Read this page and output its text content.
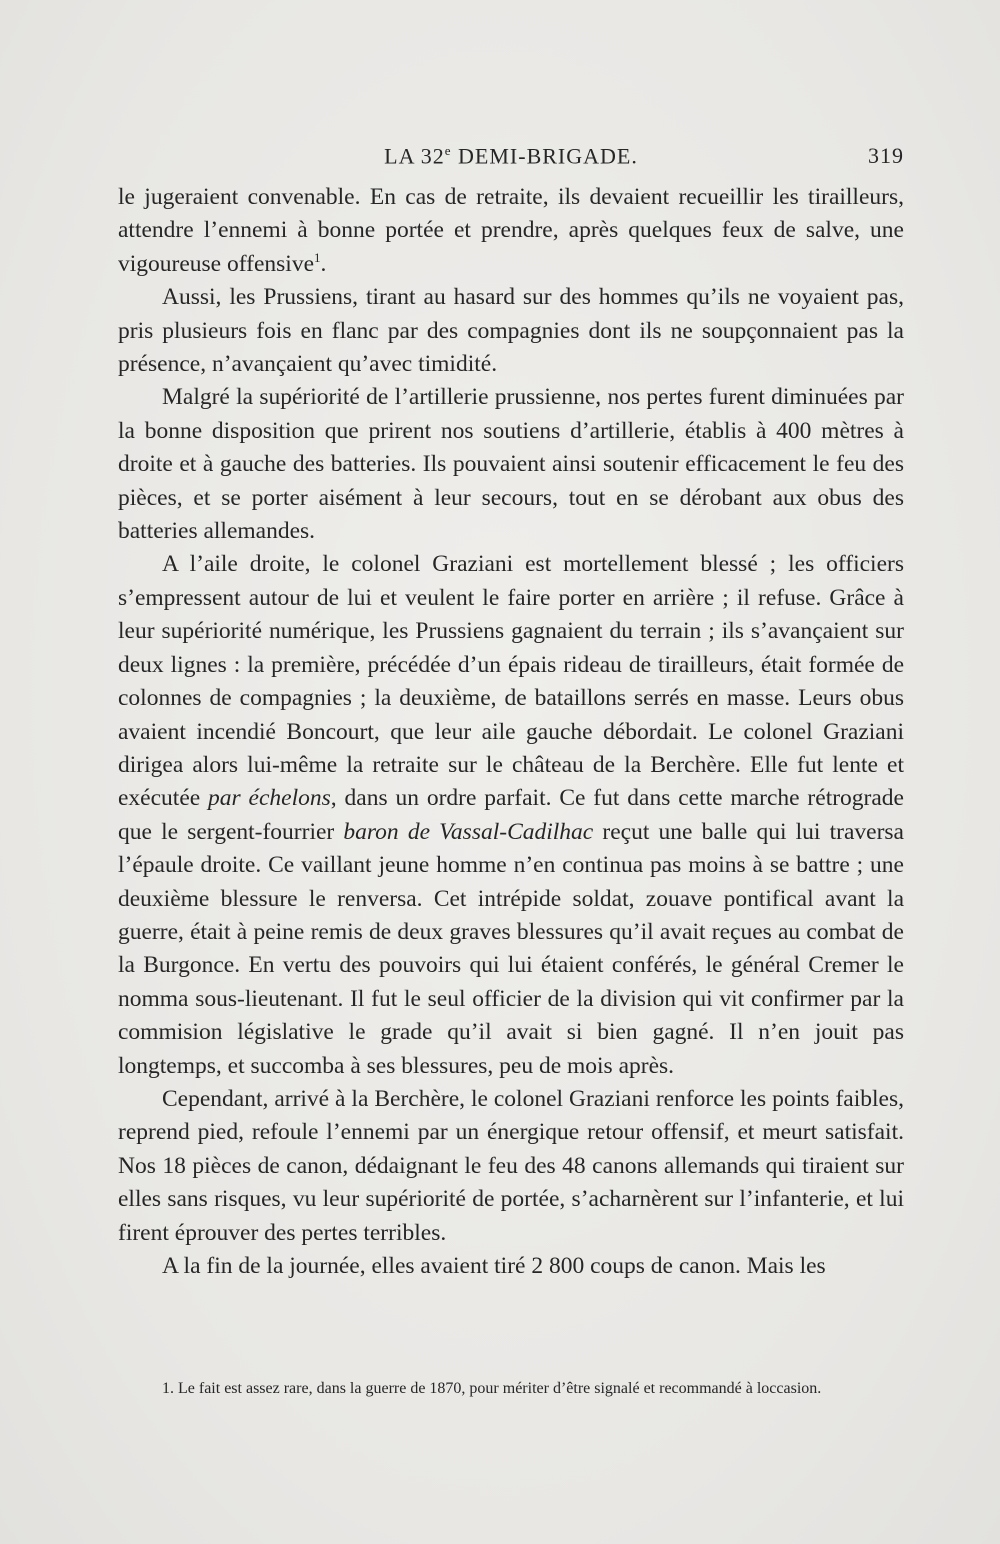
LA 32e DEMI-BRIGADE.	319

le jugeraient convenable. En cas de retraite, ils devaient recueillir les tirailleurs, attendre l’ennemi à bonne portée et prendre, après quelques feux de salve, une vigoureuse offensive$^1$.

Aussi, les Prussiens, tirant au hasard sur des hommes qu’ils ne voyaient pas, pris plusieurs fois en flanc par des compagnies dont ils ne soupçonnaient pas la présence, n’avançaient qu’avec timidité.

Malgré la supériorité de l’artillerie prussienne, nos pertes furent diminuées par la bonne disposition que prirent nos soutiens d’artillerie, établis à 400 mètres à droite et à gauche des batteries. Ils pouvaient ainsi soutenir efficacement le feu des pièces, et se porter aisément à leur secours, tout en se dérobant aux obus des batteries allemandes.

A l’aile droite, le colonel Graziani est mortellement blessé ; les officiers s’empressent autour de lui et veulent le faire porter en arrière ; il refuse. Grâce à leur supériorité numérique, les Prussiens gagnaient du terrain ; ils s’avançaient sur deux lignes : la première, précédée d’un épais rideau de tirailleurs, était formée de colonnes de compagnies ; la deuxième, de bataillons serrés en masse. Leurs obus avaient incendié Boncourt, que leur aile gauche débordait. Le colonel Graziani dirigea alors lui-même la retraite sur le château de la Berchère. Elle fut lente et exécutée par échelons, dans un ordre parfait. Ce fut dans cette marche rétrograde que le sergent-fourrier baron de Vassal-Cadilhac reçut une balle qui lui traversa l’épaule droite. Ce vaillant jeune homme n’en continua pas moins à se battre ; une deuxième blessure le renversa. Cet intrépide soldat, zouave pontifical avant la guerre, était à peine remis de deux graves blessures qu’il avait reçues au combat de la Burgonce. En vertu des pouvoirs qui lui étaient conférés, le général Cremer le nomma sous-lieutenant. Il fut le seul officier de la division qui vit confirmer par la commision législative le grade qu’il avait si bien gagné. Il n’en jouit pas longtemps, et succomba à ses blessures, peu de mois après.

Cependant, arrivé à la Berchère, le colonel Graziani renforce les points faibles, reprend pied, refoule l’ennemi par un énergique retour offensif, et meurt satisfait. Nos 18 pièces de canon, dédaignant le feu des 48 canons allemands qui tiraient sur elles sans risques, vu leur supériorité de portée, s’acharnèrent sur l’infanterie, et lui firent éprouver des pertes terribles.

A la fin de la journée, elles avaient tiré 2 800 coups de canon. Mais les

1. Le fait est assez rare, dans la guerre de 1870, pour mériter d’être signalé et recommandé à loccasion.
